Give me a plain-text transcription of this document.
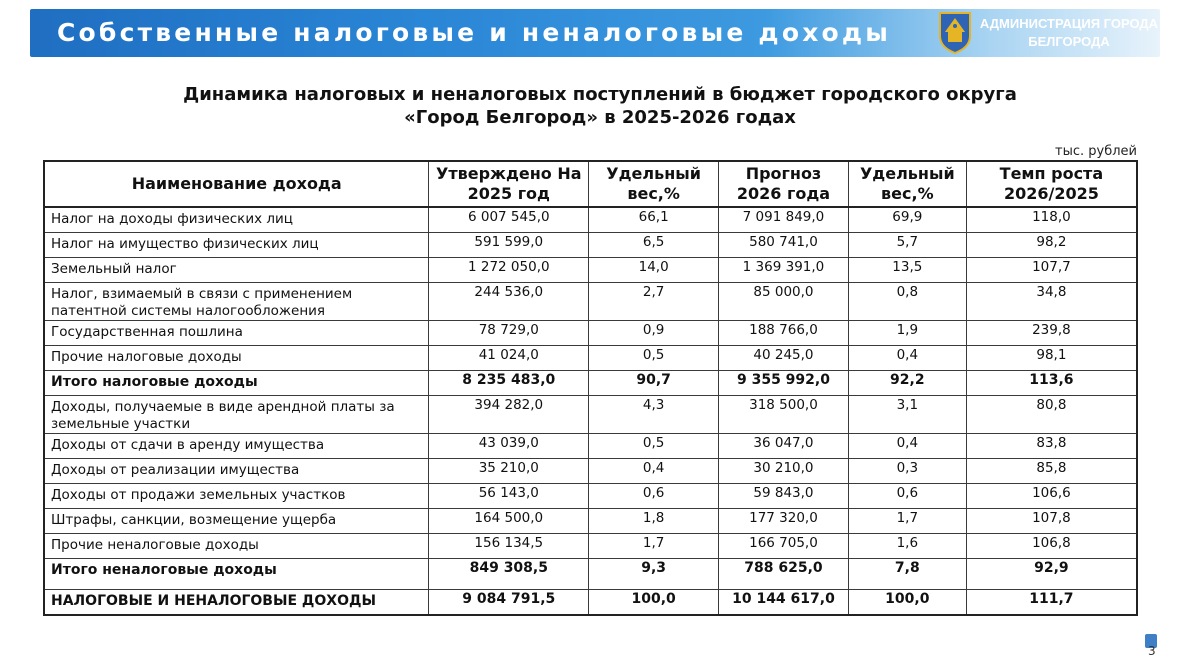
Собственные налоговые и неналоговые доходы	АДМИНИСТРАЦИЯ ГОРОДА
БЕЛГОРОДА
Динамика налоговых и неналоговых поступлений в бюджет городского округа
«Город Белгород» в 2025-2026 годах
тыс. рублей
Наименование дохода	Утверждено На 2025 год	Удельный вес,%	Прогноз 2026 года	Удельный вес,%	Темп роста 2026/2025
Налог на доходы физических лиц	6 007 545,0	66,1	7 091 849,0	69,9	118,0
Налог на имущество физических лиц	591 599,0	6,5	580 741,0	5,7	98,2
Земельный налог	1 272 050,0	14,0	1 369 391,0	13,5	107,7
Налог, взимаемый в связи с применением патентной системы налогообложения	244 536,0	2,7	85 000,0	0,8	34,8
Государственная пошлина	78 729,0	0,9	188 766,0	1,9	239,8
Прочие налоговые доходы	41 024,0	0,5	40 245,0	0,4	98,1
Итого налоговые доходы	8 235 483,0	90,7	9 355 992,0	92,2	113,6
Доходы, получаемые в виде арендной платы за земельные участки	394 282,0	4,3	318 500,0	3,1	80,8
Доходы от сдачи в аренду имущества	43 039,0	0,5	36 047,0	0,4	83,8
Доходы от реализации имущества	35 210,0	0,4	30 210,0	0,3	85,8
Доходы от продажи земельных участков	56 143,0	0,6	59 843,0	0,6	106,6
Штрафы, санкции, возмещение ущерба	164 500,0	1,8	177 320,0	1,7	107,8
Прочие неналоговые доходы	156 134,5	1,7	166 705,0	1,6	106,8
Итого неналоговые доходы	849 308,5	9,3	788 625,0	7,8	92,9
НАЛОГОВЫЕ И НЕНАЛОГОВЫЕ ДОХОДЫ	9 084 791,5	100,0	10 144 617,0	100,0	111,7
3
